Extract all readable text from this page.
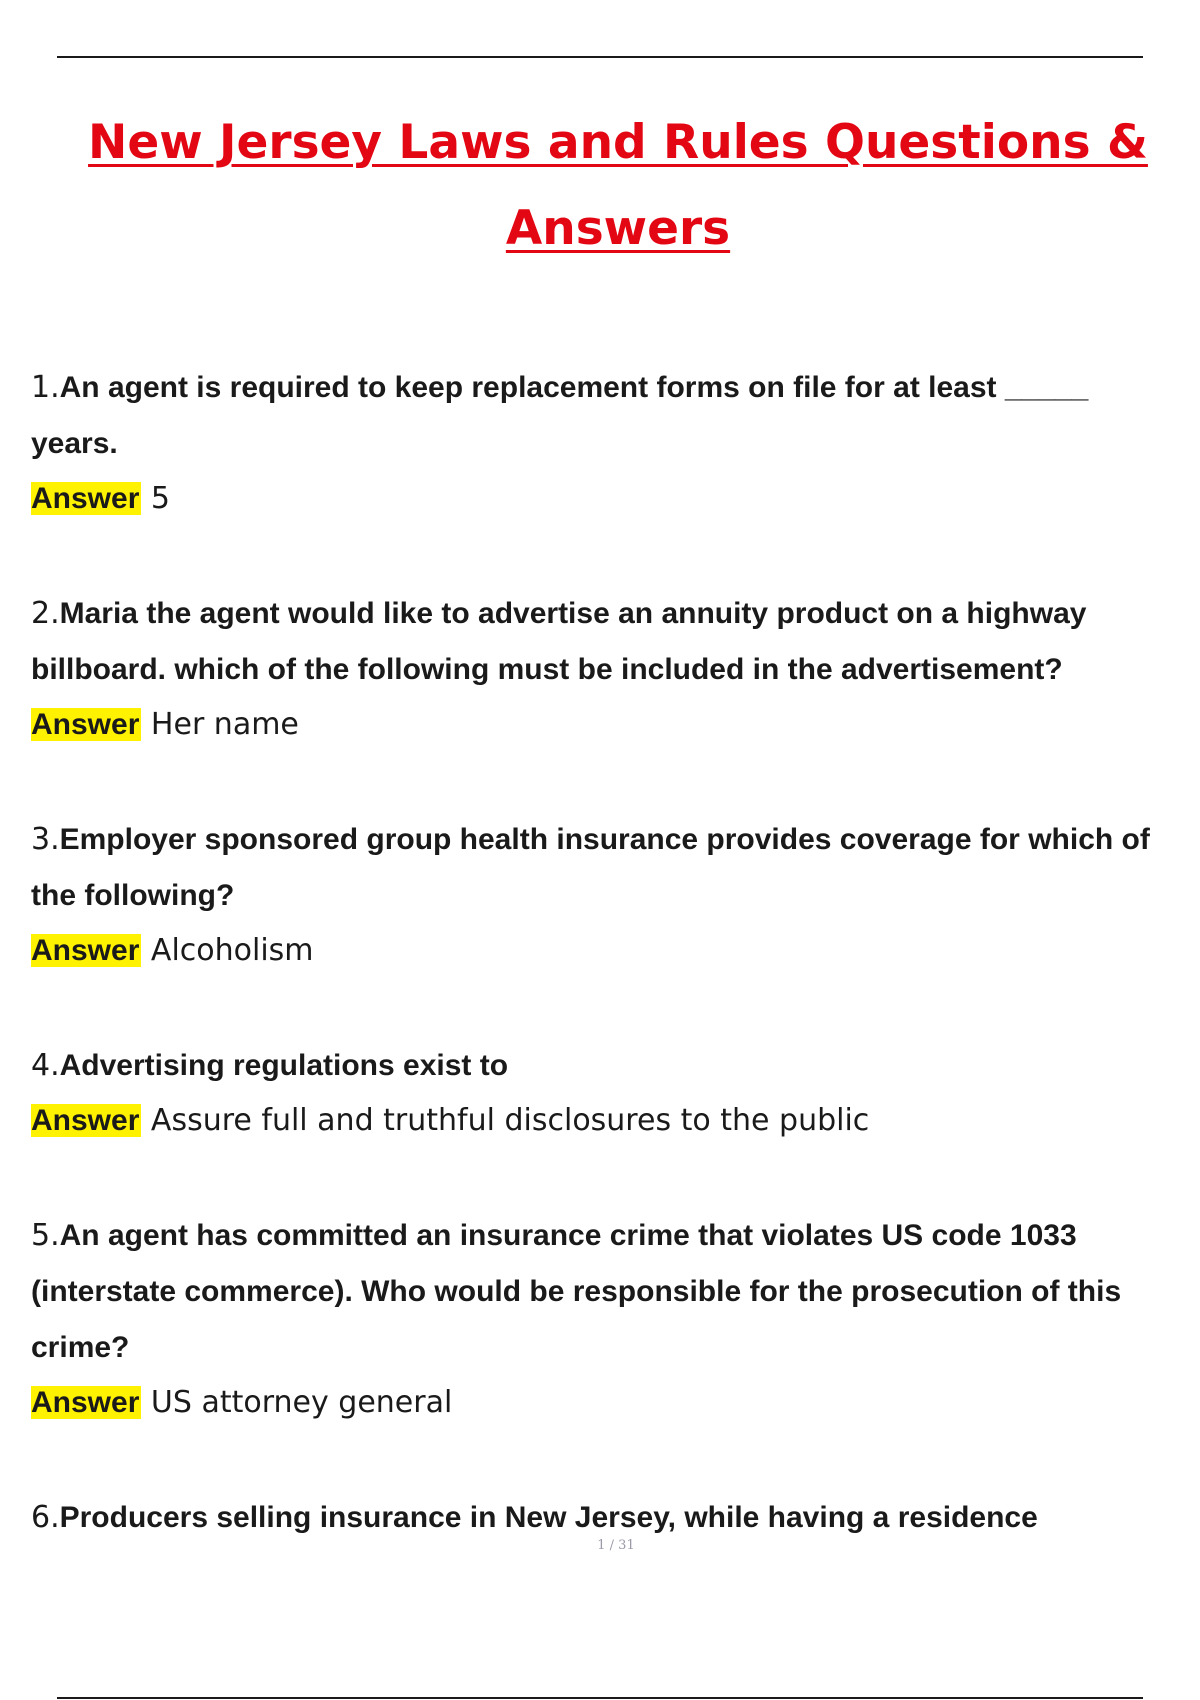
New Jersey Laws and Rules Questions &
Answers
1.An agent is required to keep replacement forms on file for at least _____ years.
Answer 5
2.Maria the agent would like to advertise an annuity product on a highway billboard. which of the following must be included in the advertisement?
Answer Her name
3.Employer sponsored group health insurance provides coverage for which of the following?
Answer Alcoholism
4.Advertising regulations exist to
Answer Assure full and truthful disclosures to the public
5.An agent has committed an insurance crime that violates US code 1033 (interstate commerce). Who would be responsible for the prosecution of this crime?
Answer US attorney general
6.Producers selling insurance in New Jersey, while having a residence
1 / 31
